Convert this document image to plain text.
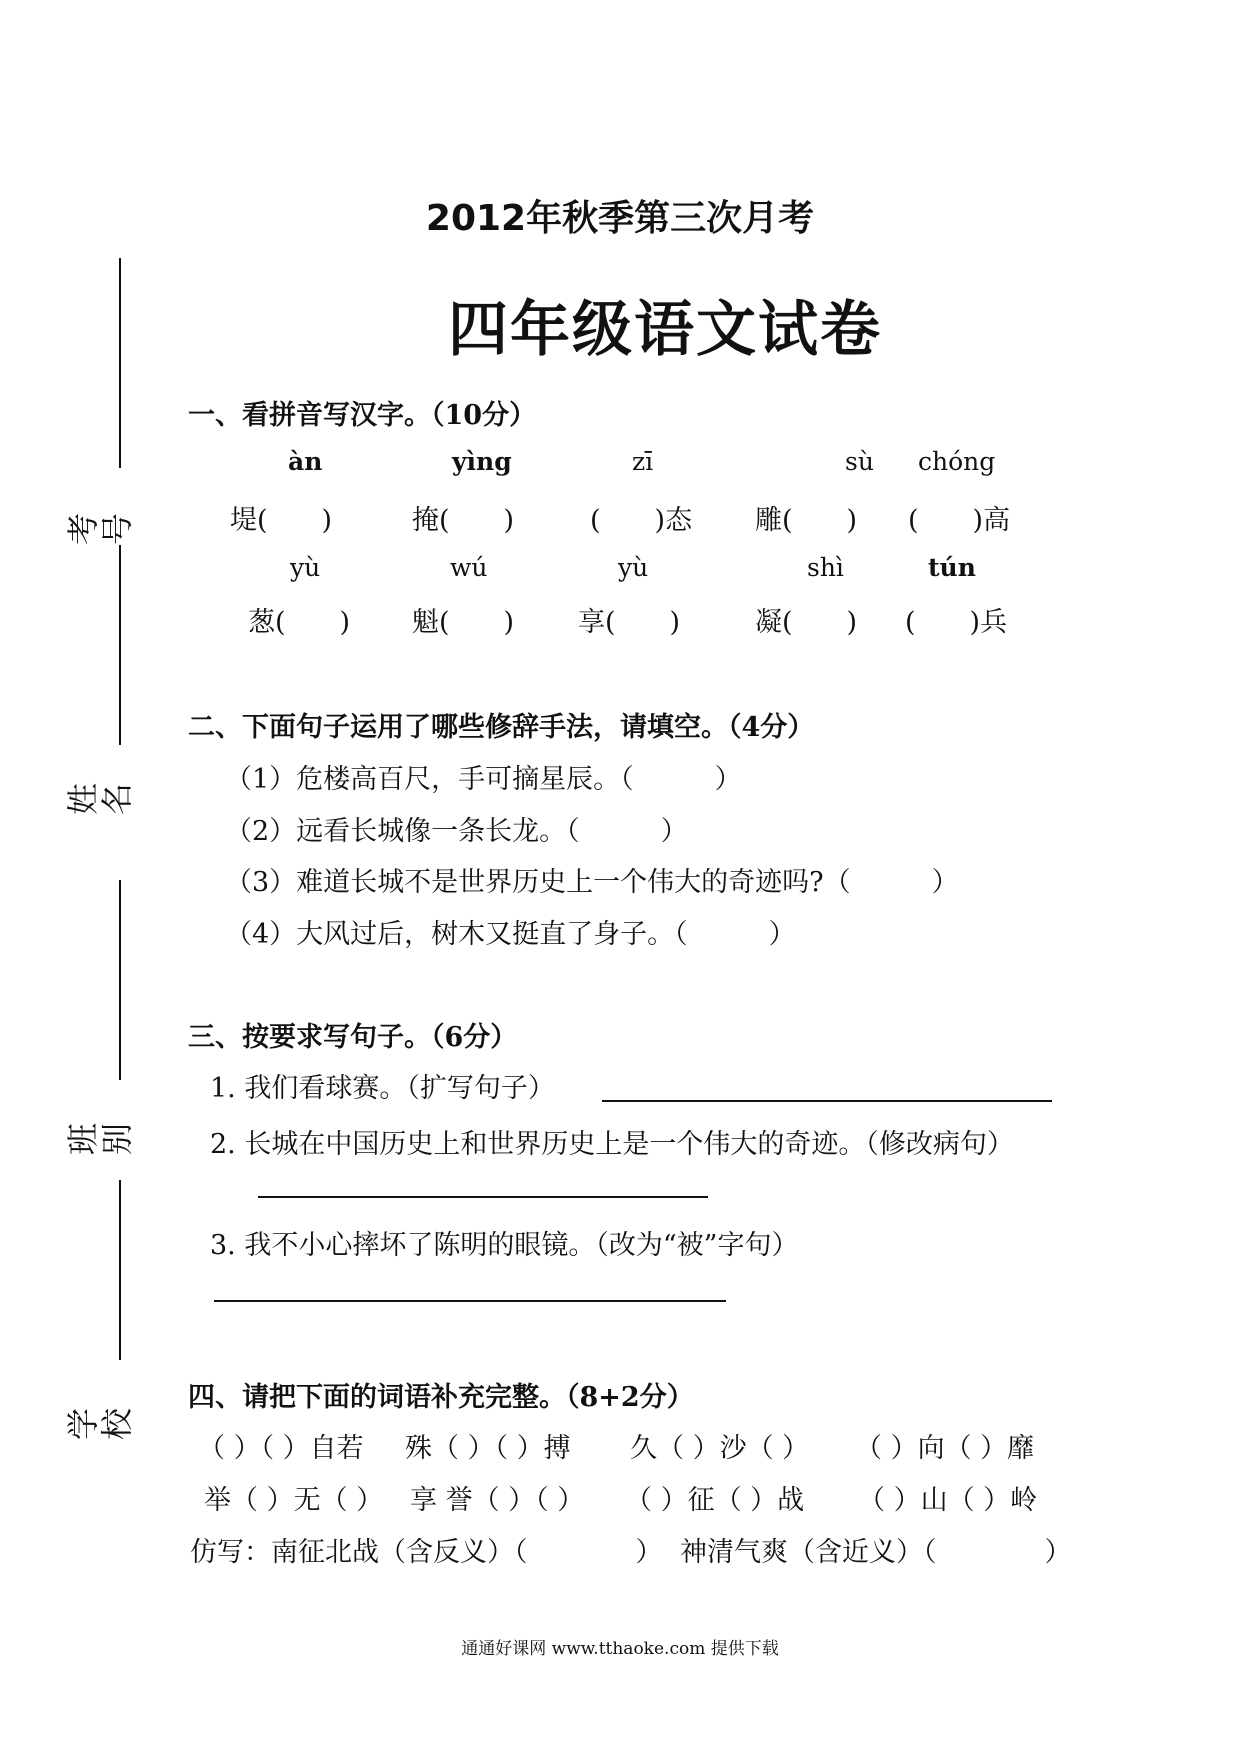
考号
姓名
班别
学校
2012年秋季第三次月考
四年级语文试卷
一、看拼音写汉字。（10分）
àn	yìng	zī	sù chóng
堤(　　)	掩(　　)	(　　)态 雕(　　) (　　)高
yù	wú	yù	shì	tún
葱(　　) 魁(　　) 享(　　)	凝(　　) (　　)兵
二、下面句子运用了哪些修辞手法，请填空。（4分）
（1）危楼高百尺，手可摘星辰。（　　　）
（2）远看长城像一条长龙。（　　　）
（3）难道长城不是世界历史上一个伟大的奇迹吗?（　　　）
（4）大风过后，树木又挺直了身子。（　　　）
三、按要求写句子。（6分）
1. 我们看球赛。（扩写句子）
2. 长城在中国历史上和世界历史上是一个伟大的奇迹。（修改病句）
3. 我不小心摔坏了陈明的眼镜。（改为“被”字句）
四、请把下面的词语补充完整。（8+2分）
（ ）（ ）自若 殊（ ）（ ）搏 久（ ）沙（ ） （ ）向（ ）靡
举（ ）无（ ） 享 誉（ ）（ ） （ ）征（ ）战 （ ）山（ ）岭
仿写：南征北战（含反义）（　　　　） 神清气爽（含近义）（　　　　）
通通好课网 www.tthaoke.com 提供下载
